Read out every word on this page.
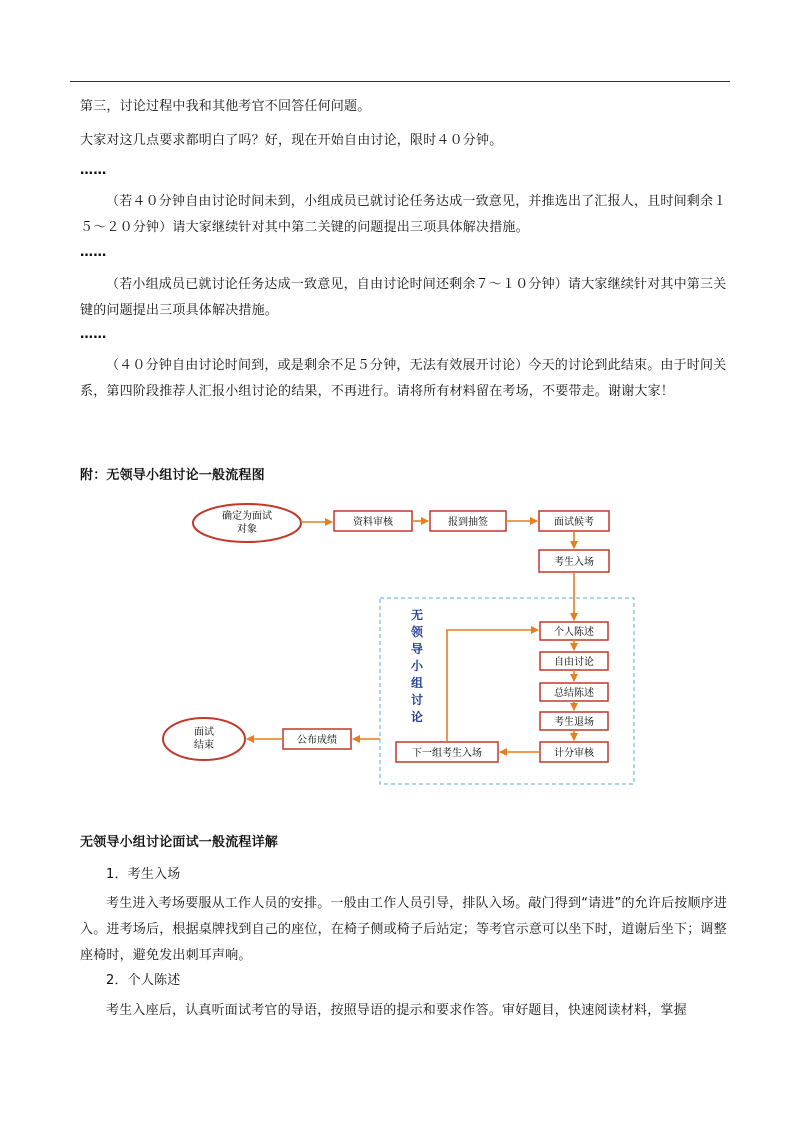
第三，讨论过程中我和其他考官不回答任何问题。

大家对这几点要求都明白了吗？好，现在开始自由讨论，限时４０分钟。

……

（若４０分钟自由讨论时间未到，小组成员已就讨论任务达成一致意见，并推选出了汇报人，且时间剩余１５～２０分钟）请大家继续针对其中第二关键的问题提出三项具体解决措施。

……

（若小组成员已就讨论任务达成一致意见，自由讨论时间还剩余７～１０分钟）请大家继续针对其中第三关键的问题提出三项具体解决措施。

……

（４０分钟自由讨论时间到，或是剩余不足５分钟，无法有效展开讨论）今天的讨论到此结束。由于时间关系，第四阶段推荐人汇报小组讨论的结果，不再进行。请将所有材料留在考场，不要带走。谢谢大家！

附：无领导小组讨论一般流程图

无
领
导
小
组
讨
论
确定为面试
对象
资料审核	报到抽签	面试候考
考生入场
个人陈述
自由讨论
总结陈述
考生退场
计分审核
下一组考生入场
公布成绩
面试
结束

无领导小组讨论面试一般流程详解

1．考生入场

考生进入考场要服从工作人员的安排。一般由工作人员引导，排队入场。敲门得到“请进”的允许后按顺序进入。进考场后，根据桌牌找到自己的座位，在椅子侧或椅子后站定；等考官示意可以坐下时，道谢后坐下；调整座椅时，避免发出刺耳声响。

2．个人陈述

考生入座后，认真听面试考官的导语，按照导语的提示和要求作答。审好题目，快速阅读材料，掌握
